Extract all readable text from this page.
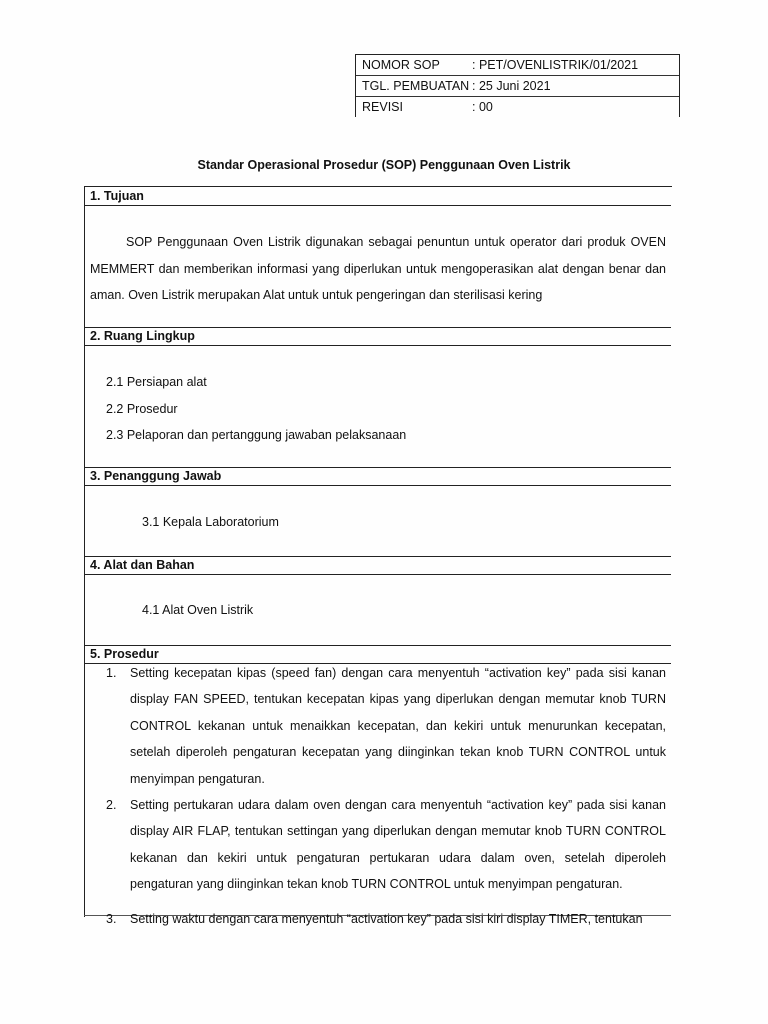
NOMOR SOP	: PET/OVENLISTRIK/01/2021
TGL. PEMBUATAN : 25 Juni 2021
REVISI	: 00
Standar Operasional Prosedur (SOP) Penggunaan Oven Listrik
1. Tujuan
SOP Penggunaan Oven Listrik digunakan sebagai penuntun untuk operator dari produk OVEN MEMMERT dan memberikan informasi yang diperlukan untuk mengoperasikan alat dengan benar dan aman. Oven Listrik merupakan Alat untuk untuk pengeringan dan sterilisasi kering
2. Ruang Lingkup
2.1 Persiapan alat
2.2 Prosedur
2.3 Pelaporan dan pertanggung jawaban pelaksanaan
3. Penanggung Jawab
3.1 Kepala Laboratorium
4. Alat dan Bahan
4.1 Alat Oven Listrik
5. Prosedur
1. Setting kecepatan kipas (speed fan) dengan cara menyentuh “activation key” pada sisi kanan display FAN SPEED, tentukan kecepatan kipas yang diperlukan dengan memutar knob TURN CONTROL kekanan untuk menaikkan kecepatan, dan kekiri untuk menurunkan kecepatan, setelah diperoleh pengaturan kecepatan yang diinginkan tekan knob TURN CONTROL untuk menyimpan pengaturan.
2. Setting pertukaran udara dalam oven dengan cara menyentuh “activation key” pada sisi kanan display AIR FLAP, tentukan settingan yang diperlukan dengan memutar knob TURN CONTROL kekanan dan kekiri untuk pengaturan pertukaran udara dalam oven, setelah diperoleh pengaturan yang diinginkan tekan knob TURN CONTROL untuk menyimpan pengaturan.
3. Setting waktu dengan cara menyentuh “activation key” pada sisi kiri display TIMER, tentukan
